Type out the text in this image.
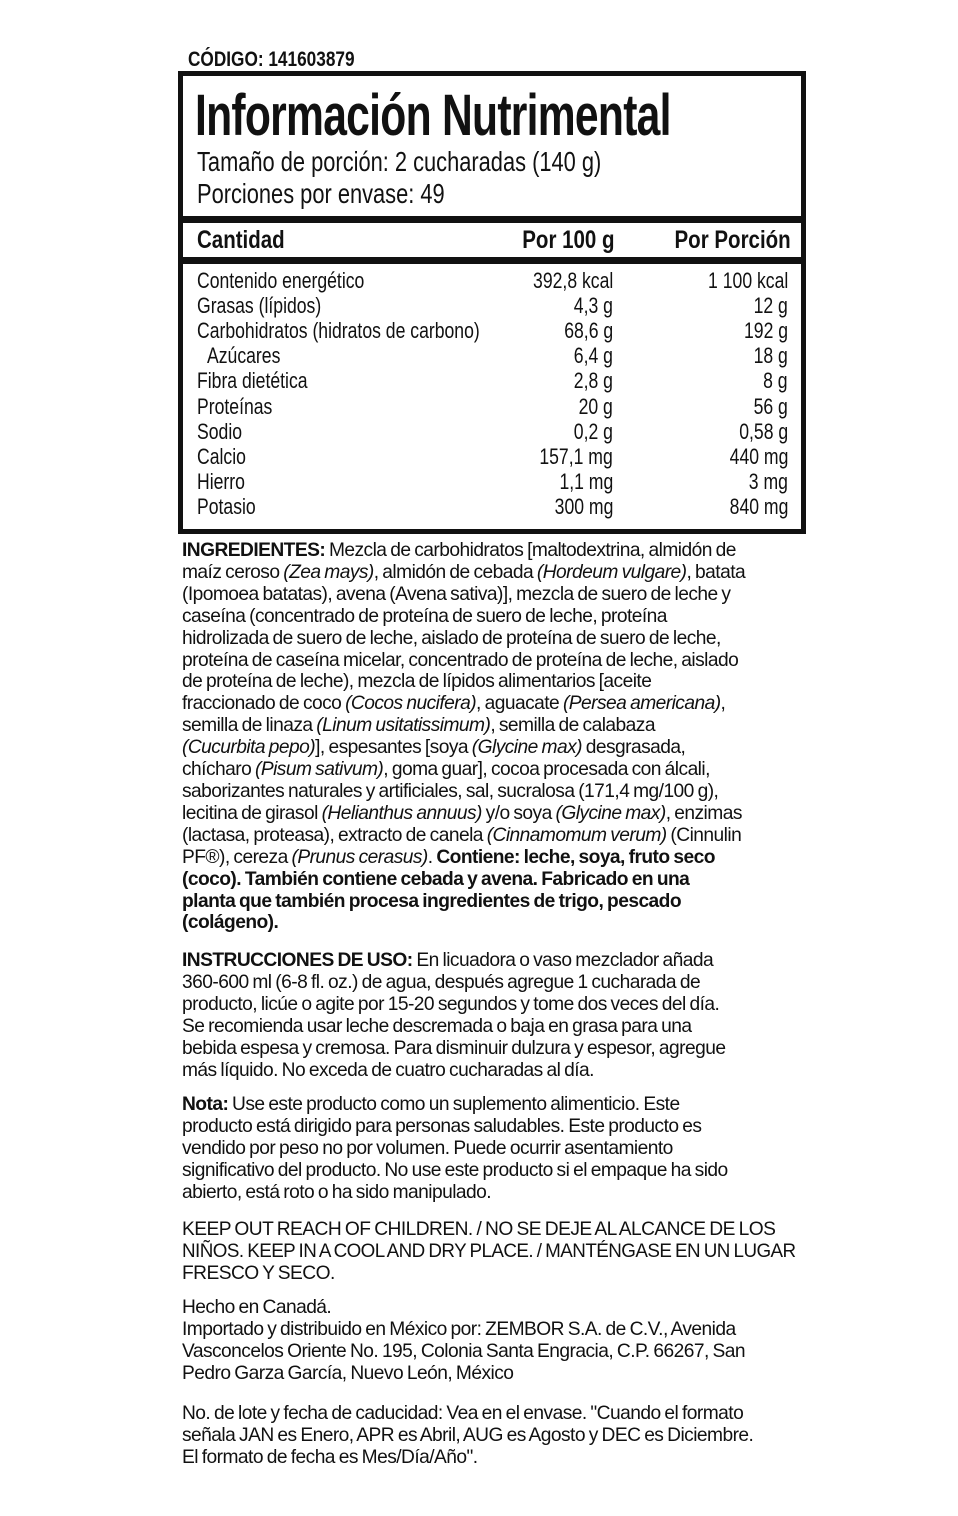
CÓDIGO: 141603879
Información Nutrimental
Tamaño de porción: 2 cucharadas (140 g)
Porciones por envase: 49
Cantidad	Por 100 g Por Porción
Contenido energético	392,8 kcal	1 100 kcal
Grasas (lípidos)	4,3 g	12 g
Carbohidratos (hidratos de carbono)	68,6 g	192 g
Azúcares	6,4 g	18 g
Fibra dietética	2,8 g	8 g
Proteínas	20 g	56 g
Sodio	0,2 g	0,58 g
Calcio	157,1 mg	440 mg
Hierro	1,1 mg	3 mg
Potasio	300 mg	840 mg
INGREDIENTES: Mezcla de carbohidratos [maltodextrina, almidón de
maíz ceroso (Zea mays), almidón de cebada (Hordeum vulgare), batata
(Ipomoea batatas), avena (Avena sativa)], mezcla de suero de leche y
caseína (concentrado de proteína de suero de leche, proteína
hidrolizada de suero de leche, aislado de proteína de suero de leche,
proteína de caseína micelar, concentrado de proteína de leche, aislado
de proteína de leche), mezcla de lípidos alimentarios [aceite
fraccionado de coco (Cocos nucifera), aguacate (Persea americana),
semilla de linaza (Linum usitatissimum), semilla de calabaza
(Cucurbita pepo)], espesantes [soya (Glycine max) desgrasada,
chícharo (Pisum sativum), goma guar], cocoa procesada con álcali,
saborizantes naturales y artificiales, sal, sucralosa (171,4 mg/100 g),
lecitina de girasol (Helianthus annuus) y/o soya (Glycine max), enzimas
(lactasa, proteasa), extracto de canela (Cinnamomum verum) (Cinnulin
PF®), cereza (Prunus cerasus). Contiene: leche, soya, fruto seco
(coco). También contiene cebada y avena. Fabricado en una
planta que también procesa ingredientes de trigo, pescado
(colágeno).
INSTRUCCIONES DE USO: En licuadora o vaso mezclador añada
360-600 ml (6-8 fl. oz.) de agua, después agregue 1 cucharada de
producto, licúe o agite por 15-20 segundos y tome dos veces del día.
Se recomienda usar leche descremada o baja en grasa para una
bebida espesa y cremosa. Para disminuir dulzura y espesor, agregue
más líquido. No exceda de cuatro cucharadas al día.
Nota: Use este producto como un suplemento alimenticio. Este
producto está dirigido para personas saludables. Este producto es
vendido por peso no por volumen. Puede ocurrir asentamiento
significativo del producto. No use este producto si el empaque ha sido
abierto, está roto o ha sido manipulado.
KEEP OUT REACH OF CHILDREN. / NO SE DEJE AL ALCANCE DE LOS
NIÑOS. KEEP IN A COOL AND DRY PLACE. / MANTÉNGASE EN UN LUGAR
FRESCO Y SECO.
Hecho en Canadá.
Importado y distribuido en México por: ZEMBOR S.A. de C.V., Avenida
Vasconcelos Oriente No. 195, Colonia Santa Engracia, C.P. 66267, San
Pedro Garza García, Nuevo León, México
No. de lote y fecha de caducidad: Vea en el envase. "Cuando el formato
señala JAN es Enero, APR es Abril, AUG es Agosto y DEC es Diciembre.
El formato de fecha es Mes/Día/Año".
